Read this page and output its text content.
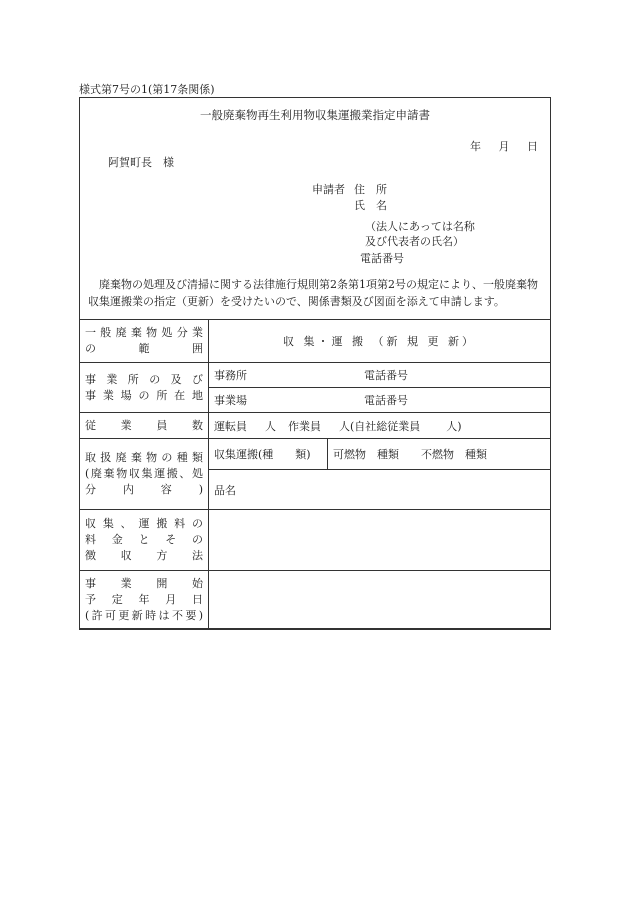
様式第7号の1(第17条関係)
一般廃棄物再生利用物収集運搬業指定申請書
年 月 日
阿賀町長　様
申請者 住　所
氏　名
（法人にあっては名称
及び代表者の氏名）
電話番号
廃棄物の処理及び清掃に関する法律施行規則第2条第1項第2号の規定により、一般廃棄物収集運搬業の指定（更新）を受けたいので、関係書類及び図面を添えて申請します。
一般廃棄物処分業
の　範　囲	収 集・運 搬 （新 規 更 新）	

事業所の及び
事業場の所在地	事務所 電話番号	
	事業場 電話番号	

従業員数	運転員 人 作業員 人(自社総従業員 人)	

取扱廃棄物の種類
(廃棄物収集運搬、処
分　内　容　)	収集運搬(種　　類)	可燃物　種類 不燃物　種類
	品名	

収集、運搬料の
料金とその
徴収方法		

事業開始
予定年月日
(許可更新時は不要)		
